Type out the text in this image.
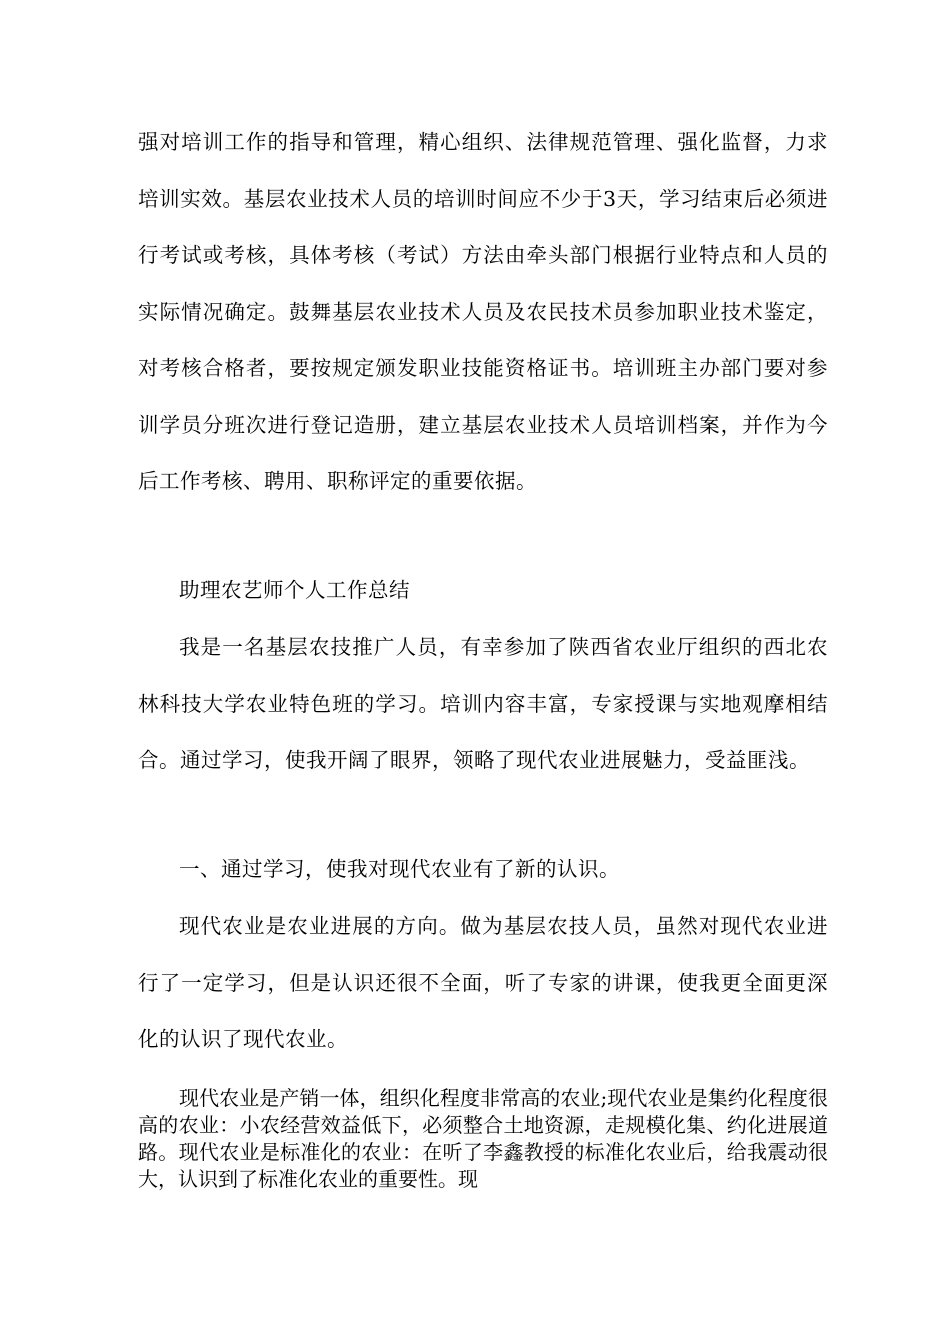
强对培训工作的指导和管理，精心组织、法律规范管理、强化监督，力求培训实效。基层农业技术人员的培训时间应不少于3天，学习结束后必须进行考试或考核，具体考核（考试）方法由牵头部门根据行业特点和人员的实际情况确定。鼓舞基层农业技术人员及农民技术员参加职业技术鉴定，对考核合格者，要按规定颁发职业技能资格证书。培训班主办部门要对参训学员分班次进行登记造册，建立基层农业技术人员培训档案，并作为今后工作考核、聘用、职称评定的重要依据。

助理农艺师个人工作总结

我是一名基层农技推广人员，有幸参加了陕西省农业厅组织的西北农林科技大学农业特色班的学习。培训内容丰富，专家授课与实地观摩相结合。通过学习，使我开阔了眼界，领略了现代农业进展魅力，受益匪浅。

一、通过学习，使我对现代农业有了新的认识。

现代农业是农业进展的方向。做为基层农技人员，虽然对现代农业进行了一定学习，但是认识还很不全面，听了专家的讲课，使我更全面更深化的认识了现代农业。

现代农业是产销一体，组织化程度非常高的农业;现代农业是集约化程度很高的农业：小农经营效益低下，必须整合土地资源，走规模化集、约化进展道路。现代农业是标准化的农业：在听了李鑫教授的标准化农业后，给我震动很大，认识到了标准化农业的重要性。现
